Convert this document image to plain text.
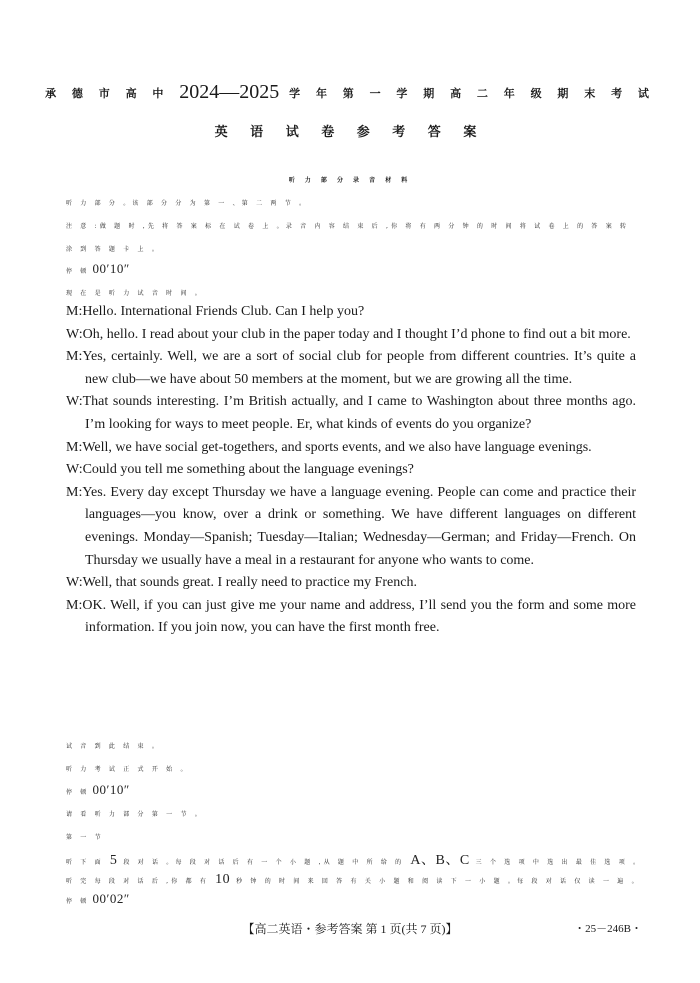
承 德 市 高 中 2024—2025 学 年 第 一 学 期 高 二 年 级 期 末 考 试
英 语 试 卷 参 考 答 案
听 力 部 分 录 音 材 料
听 力 部 分 。该 部 分 分 为 第 一 、第 二 两 节 。
注 意 :做 题 时 ,先 将 答 案 标 在 试 卷 上 。录 音 内 容 结 束 后 ,你 将 有 两 分 钟 的 时 间 将 试 卷 上 的 答 案 转
涂 到 答 题 卡 上 。
停 顿 00′10″
现 在 是 听 力 试 音 时 间 。

M:Hello. International Friends Club. Can I help you?

W:Oh, hello. I read about your club in the paper today and I thought I’d phone to find out a bit more.

M:Yes, certainly. Well, we are a sort of social club for people from different countries. It’s quite a new club—we have about 50 members at the moment, but we are growing all the time.

W:That sounds interesting. I’m British actually, and I came to Washington about three months ago. I’m looking for ways to meet people. Er, what kinds of events do you organize?

M:Well, we have social get-togethers, and sports events, and we also have language evenings.

W:Could you tell me something about the language evenings?

M:Yes. Every day except Thursday we have a language evening. People can come and practice their languages—you know, over a drink or something. We have different languages on different evenings. Monday—Spanish; Tuesday—Italian; Wednesday—German; and Friday—French. On Thursday we usually have a meal in a restaurant for anyone who wants to come.

W:Well, that sounds great. I really need to practice my French.

M:OK. Well, if you can just give me your name and address, I’ll send you the form and some more information. If you join now, you can have the first month free.

试 音 到 此 结 束 。
听 力 考 试 正 式 开 始 。
停 顿 00′10″
请 看 听 力 部 分 第 一 节 。
第 一 节
听 下 面 5 段 对 话 。每 段 对 话 后 有 一 个 小 题 ,从 题 中 所 给 的 A、B、C 三 个 选 项 中 选 出 最 佳 选 项 。
听 完 每 段 对 话 后 ,你 都 有 10 秒 钟 的 时 间 来 回 答 有 关 小 题 和 阅 读 下 一 小 题 。每 段 对 话 仅 读 一 遍 。
停 顿 00′02″
【高二英语・参考答案 第 1 页(共 7 页)】	・25－246B・
